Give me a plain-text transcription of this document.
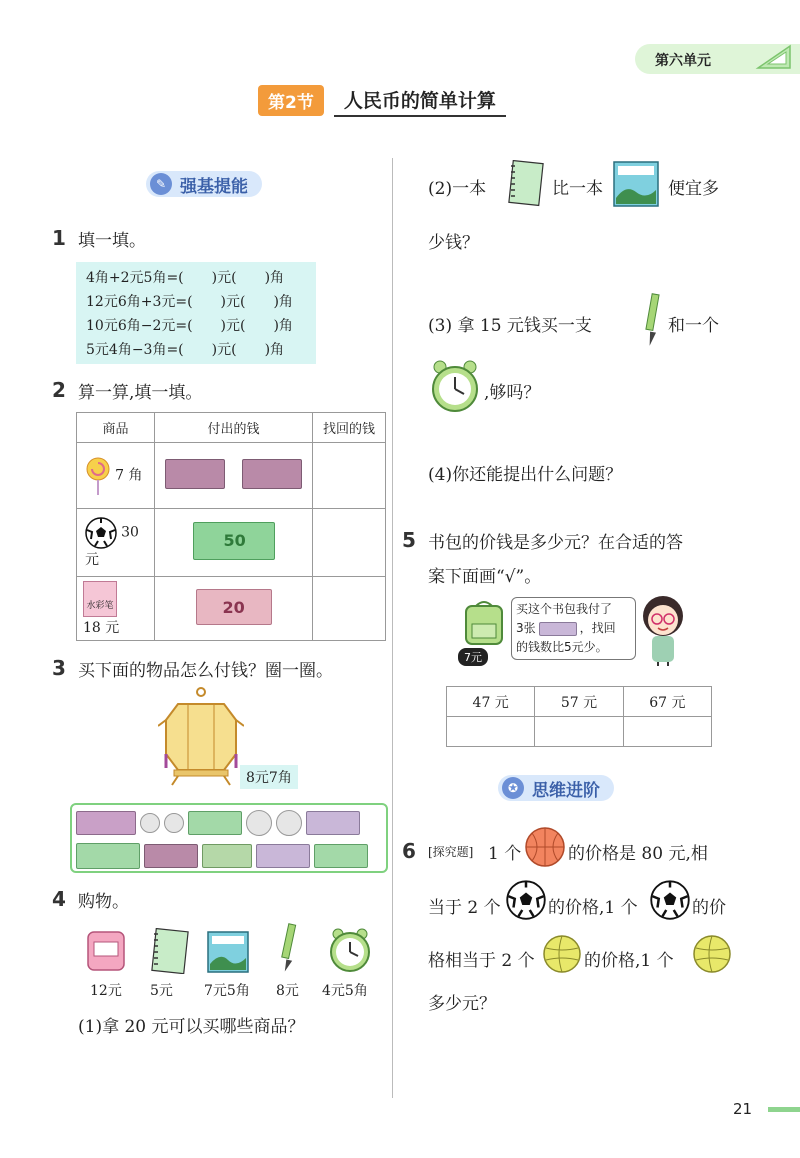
第六单元
第2节	人民币的简单计算
✎ 强基提能
1 填一填。
4角+2元5角=(　　)元(　　)角
12元6角+3元=(　　)元(　　)角
10元6角−2元=(　　)元(　　)角
5元4角−3角=(　　)元(　　)角
2 算一算,填一填。
商品	付出的钱	找回的钱
7 角		
30 元	50	

水彩笔
18 元	20	

3 买下面的物品怎么付钱？圈一圈。
8元7角
4 购物。
12元 5元 7元5角 8元 4元5角
(1)拿 20 元可以买哪些商品？
(2)一本	比一本	便宜多
少钱？
(3) 拿 15 元钱买一支	和一个
,够吗？
(4)你还能提出什么问题？
5 书包的价钱是多少元？在合适的答
案下面画“√”。
7元
买这个书包我付了
3张	，找回
的钱数比5元少。
47 元	57 元	67 元

✪ 思维进阶
6 [探究题] 1 个	的价格是 80 元,相
当于 2 个	的价格,1 个	的价
格相当于 2 个	的价格,1 个
多少元？
21
